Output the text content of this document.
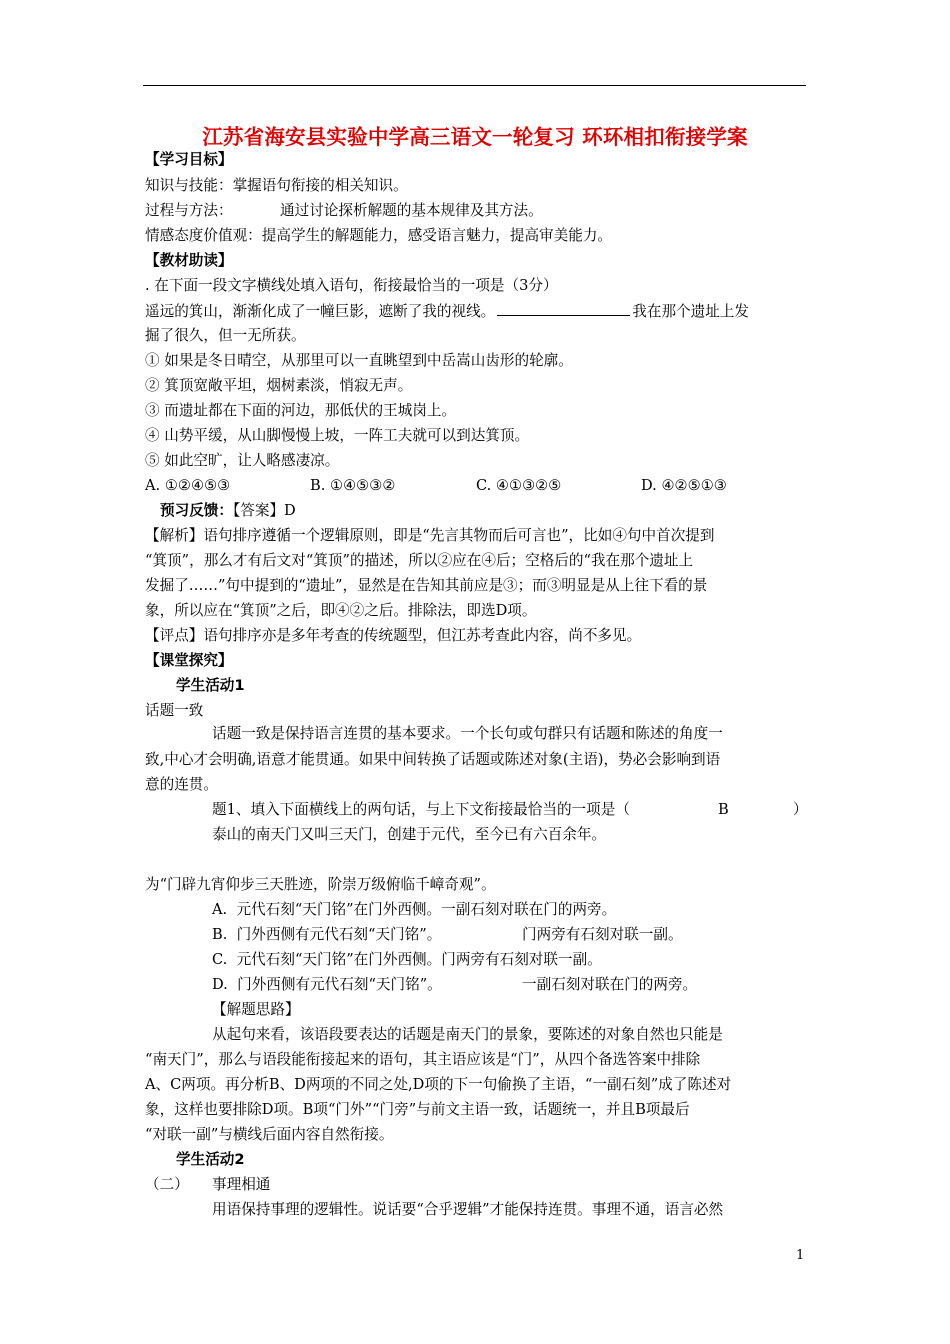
江苏省海安县实验中学高三语文一轮复习 环环相扣衔接学案
【学习目标】
知识与技能：掌握语句衔接的相关知识。
过程与方法：	通过讨论探析解题的基本规律及其方法。
情感态度价值观：提高学生的解题能力，感受语言魅力，提高审美能力。
【教材助读】
. 在下面一段文字横线处填入语句，衔接最恰当的一项是（3分）
遥远的箕山，渐渐化成了一幢巨影，遮断了我的视线。	我在那个遗址上发
掘了很久，但一无所获。
① 如果是冬日晴空，从那里可以一直眺望到中岳嵩山齿形的轮廓。
② 箕顶宽敞平坦，烟树素淡，悄寂无声。
③ 而遗址都在下面的河边，那低伏的王城岗上。
④ 山势平缓，从山脚慢慢上坡，一阵工夫就可以到达箕顶。
⑤ 如此空旷，让人略感凄凉。
A. ①②④⑤③	B. ①④⑤③②	C. ④①③②⑤	D. ④②⑤①③
预习反馈：【答案】D
【解析】语句排序遵循一个逻辑原则，即是“先言其物而后可言也”，比如④句中首次提到
“箕顶”，那么才有后文对“箕顶”的描述，所以②应在④后；空格后的“我在那个遗址上
发掘了……”句中提到的“遗址”，显然是在告知其前应是③；而③明显是从上往下看的景
象，所以应在“箕顶”之后，即④②之后。排除法，即选D项。
【评点】语句排序亦是多年考查的传统题型，但江苏考查此内容，尚不多见。
【课堂探究】
学生活动1
话题一致
话题一致是保持语言连贯的基本要求。一个长句或句群只有话题和陈述的角度一
致,中心才会明确,语意才能贯通。如果中间转换了话题或陈述对象(主语)，势必会影响到语
意的连贯。
题1、填入下面横线上的两句话，与上下文衔接最恰当的一项是（	B	）
泰山的南天门又叫三天门，创建于元代，至今已有六百余年。
为“门辟九宵仰步三天胜迹，阶崇万级俯临千嶂奇观”。
A. 元代石刻“天门铭”在门外西侧。一副石刻对联在门的两旁。
B. 门外西侧有元代石刻“天门铭”。	门两旁有石刻对联一副。
C. 元代石刻“天门铭”在门外西侧。门两旁有石刻对联一副。
D. 门外西侧有元代石刻“天门铭”。	一副石刻对联在门的两旁。
【解题思路】
从起句来看，该语段要表达的话题是南天门的景象，要陈述的对象自然也只能是
“南天门”，那么与语段能衔接起来的语句，其主语应该是“门”，从四个备选答案中排除
A、C两项。再分析B、D两项的不同之处,D项的下一句偷换了主语，“一副石刻”成了陈述对
象，这样也要排除D项。B项“门外”“门旁”与前文主语一致，话题统一，并且B项最后
“对联一副”与横线后面内容自然衔接。
学生活动2
（二） 事理相通
用语保持事理的逻辑性。说话要“合乎逻辑”才能保持连贯。事理不通，语言必然
1
